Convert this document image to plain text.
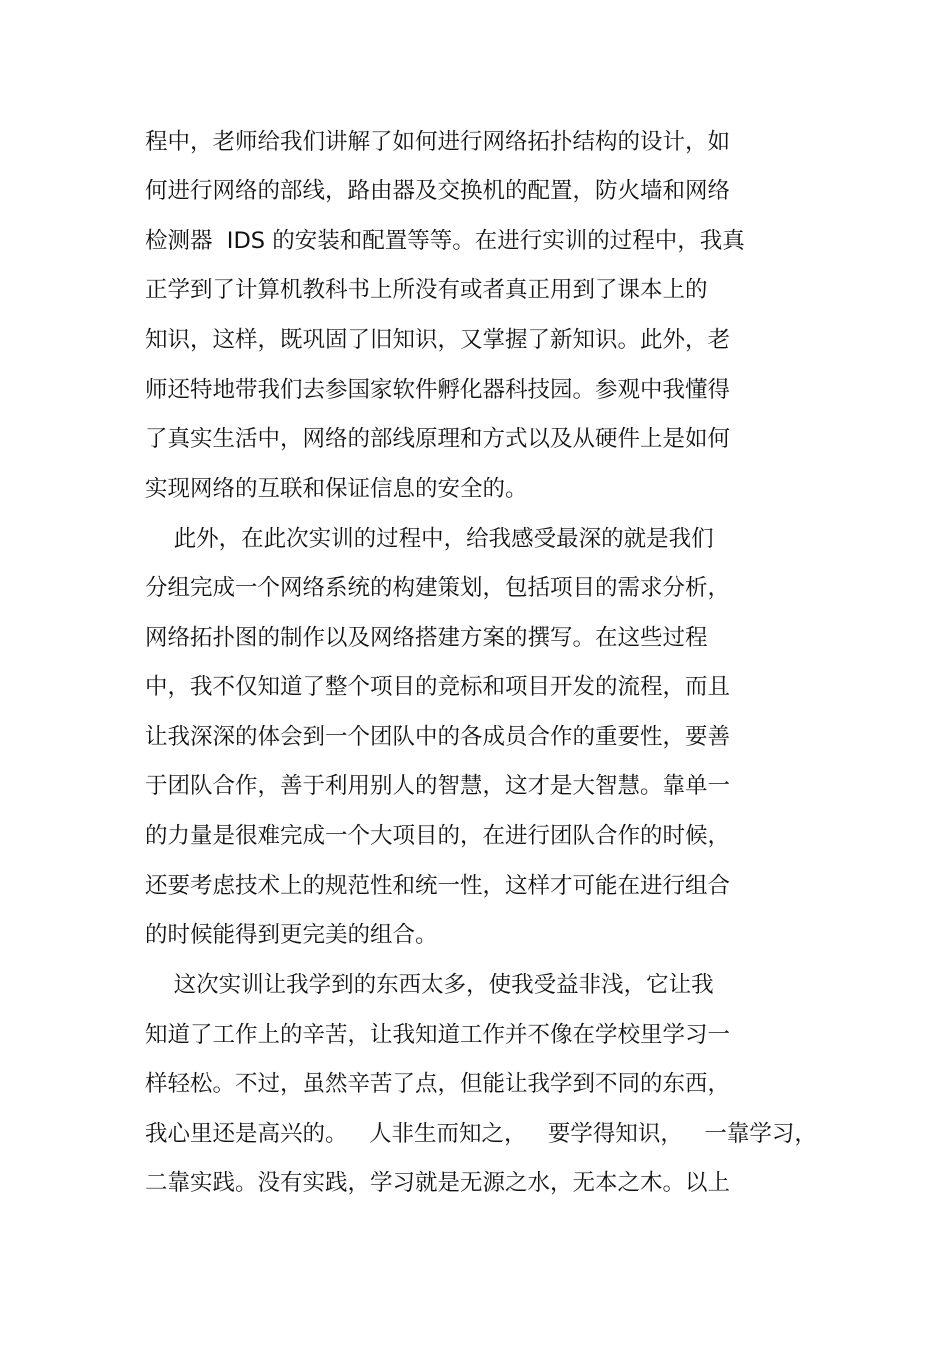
程中，老师给我们讲解了如何进行网络拓扑结构的设计，如
何进行网络的部线，路由器及交换机的配置，防火墙和网络
检测器  IDS 的安装和配置等等。在进行实训的过程中，我真
正学到了计算机教科书上所没有或者真正用到了课本上的
知识，这样，既巩固了旧知识，又掌握了新知识。此外，老
师还特地带我们去参国家软件孵化器科技园。参观中我懂得
了真实生活中，网络的部线原理和方式以及从硬件上是如何
实现网络的互联和保证信息的安全的。
此外，在此次实训的过程中，给我感受最深的就是我们
分组完成一个网络系统的构建策划，包括项目的需求分析，
网络拓扑图的制作以及网络搭建方案的撰写。在这些过程
中，我不仅知道了整个项目的竞标和项目开发的流程，而且
让我深深的体会到一个团队中的各成员合作的重要性，要善
于团队合作，善于利用别人的智慧，这才是大智慧。靠单一
的力量是很难完成一个大项目的，在进行团队合作的时候，
还要考虑技术上的规范性和统一性，这样才可能在进行组合
的时候能得到更完美的组合。
这次实训让我学到的东西太多，使我受益非浅，它让我
知道了工作上的辛苦，让我知道工作并不像在学校里学习一
样轻松。不过，虽然辛苦了点，但能让我学到不同的东西，
我心里还是高兴的。   人非生而知之，   要学得知识，   一靠学习，
二靠实践。没有实践，学习就是无源之水，无本之木。以上
